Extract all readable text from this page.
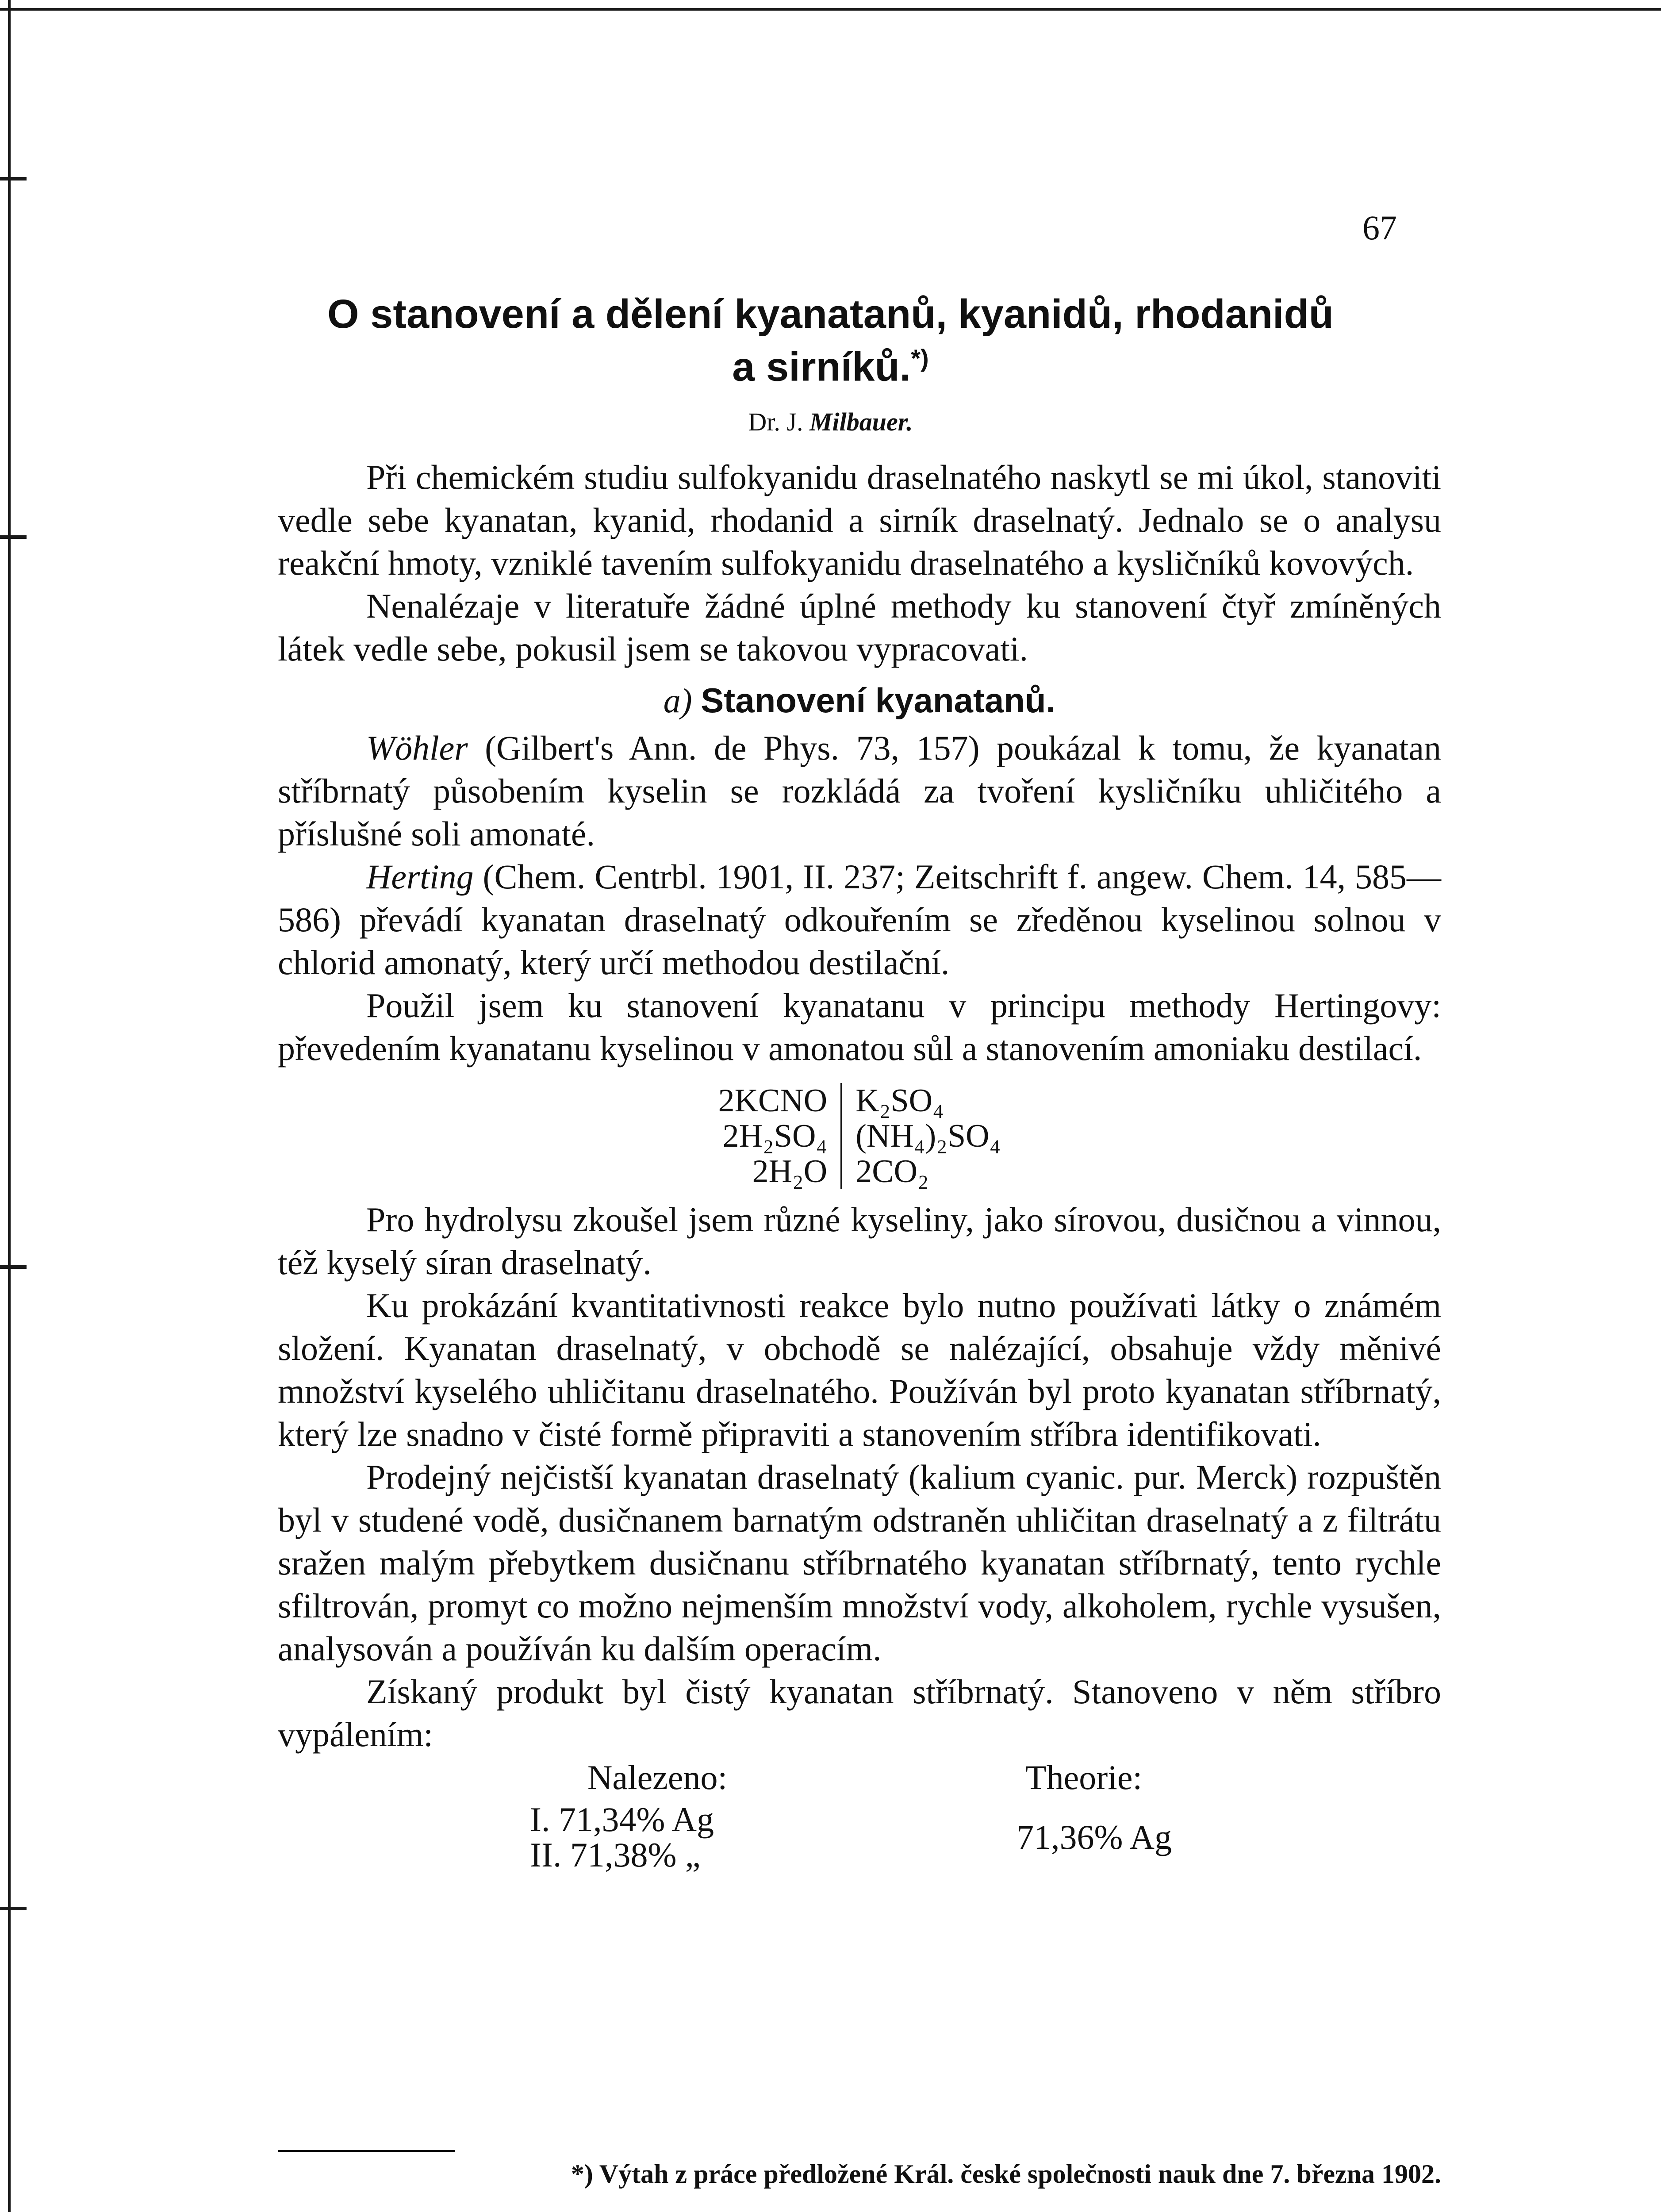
67
O stanovení a dělení kyanatanů, kyanidů, rhodanidů
a sirníků.*)
Dr. J. Milbauer.

Při chemickém studiu sulfokyanidu draselnatého naskytl se mi úkol, stanoviti vedle sebe kyanatan, kyanid, rhodanid a sirník draselnatý. Jednalo se o analysu reakční hmoty, vzniklé tavením sulfokyanidu draselnatého a kysličníků kovových.

Nenalézaje v literatuře žádné úplné methody ku stanovení čtyř zmíněných látek vedle sebe, pokusil jsem se takovou vypracovati.

a) Stanovení kyanatanů.

Wöhler (Gilbert's Ann. de Phys. 73, 157) poukázal k tomu, že kyanatan stříbrnatý působením kyselin se rozkládá za tvoření kysličníku uhličitého a příslušné soli amonaté.

Herting (Chem. Centrbl. 1901, II. 237; Zeitschrift f. angew. Chem. 14, 585—586) převádí kyanatan draselnatý odkouřením se zředěnou kyselinou solnou v chlorid amonatý, který určí methodou destilační.

Použil jsem ku stanovení kyanatanu v principu methody Hertingovy: převedením kyanatanu kyselinou v amonatou sůl a stanovením amoniaku destilací.

2KCNO
2H₂SO₄
2H₂O
K₂SO₄
(NH₄)₂SO₄
2CO₂

Pro hydrolysu zkoušel jsem různé kyseliny, jako sírovou, dusičnou a vinnou, též kyselý síran draselnatý.

Ku prokázání kvantitativnosti reakce bylo nutno používati látky o známém složení. Kyanatan draselnatý, v obchodě se nalézající, obsahuje vždy měnivé množství kyselého uhličitanu draselnatého. Používán byl proto kyanatan stříbrnatý, který lze snadno v čisté formě připraviti a stanovením stříbra identifikovati.

Prodejný nejčistší kyanatan draselnatý (kalium cyanic. pur. Merck) rozpuštěn byl v studené vodě, dusičnanem barnatým odstraněn uhličitan draselnatý a z filtrátu sražen malým přebytkem dusičnanu stříbrnatého kyanatan stříbrnatý, tento rychle sfiltrován, promyt co možno nejmenším množství vody, alkoholem, rychle vysušen, analysován a používán ku dalším operacím.

Získaný produkt byl čistý kyanatan stříbrnatý. Stanoveno v něm stříbro vypálením:

Nalezeno:	Theorie:
I. 71,34% Ag
II. 71,38% „	71,36% Ag
*) Výtah z práce předložené Král. české společnosti nauk dne 7. března 1902.
